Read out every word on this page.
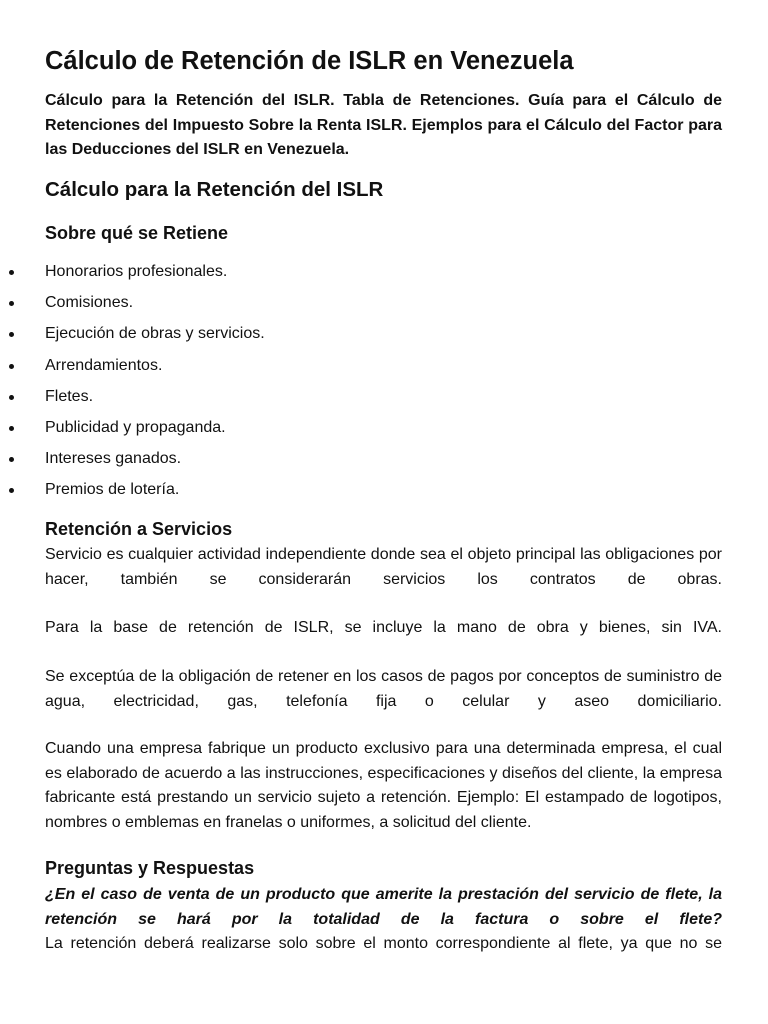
Cálculo de Retención de ISLR en Venezuela

Cálculo para la Retención del ISLR. Tabla de Retenciones. Guía para el Cálculo de Retenciones del Impuesto Sobre la Renta ISLR. Ejemplos para el Cálculo del Factor para las Deducciones del ISLR en Venezuela.

Cálculo para la Retención del ISLR
Sobre qué se Retiene
Honorarios profesionales.
Comisiones.
Ejecución de obras y servicios.
Arrendamientos.
Fletes.
Publicidad y propaganda.
Intereses ganados.
Premios de lotería.
Retención a Servicios

Servicio es cualquier actividad independiente donde sea el objeto principal las obligaciones por hacer, también se considerarán servicios los contratos de obras.

Para la base de retención de ISLR, se incluye la mano de obra y bienes, sin IVA.

Se exceptúa de la obligación de retener en los casos de pagos por conceptos de suministro de agua, electricidad, gas, telefonía fija o celular y aseo domiciliario.

Cuando una empresa fabrique un producto exclusivo para una determinada empresa, el cual es elaborado de acuerdo a las instrucciones, especificaciones y diseños del cliente, la empresa fabricante está prestando un servicio sujeto a retención. Ejemplo: El estampado de logotipos, nombres o emblemas en franelas o uniformes, a solicitud del cliente.

Preguntas y Respuestas

¿En el caso de venta de un producto que amerite la prestación del servicio de flete, la retención se hará por la totalidad de la factura o sobre el flete?

La retención deberá realizarse solo sobre el monto correspondiente al flete, ya que no se
